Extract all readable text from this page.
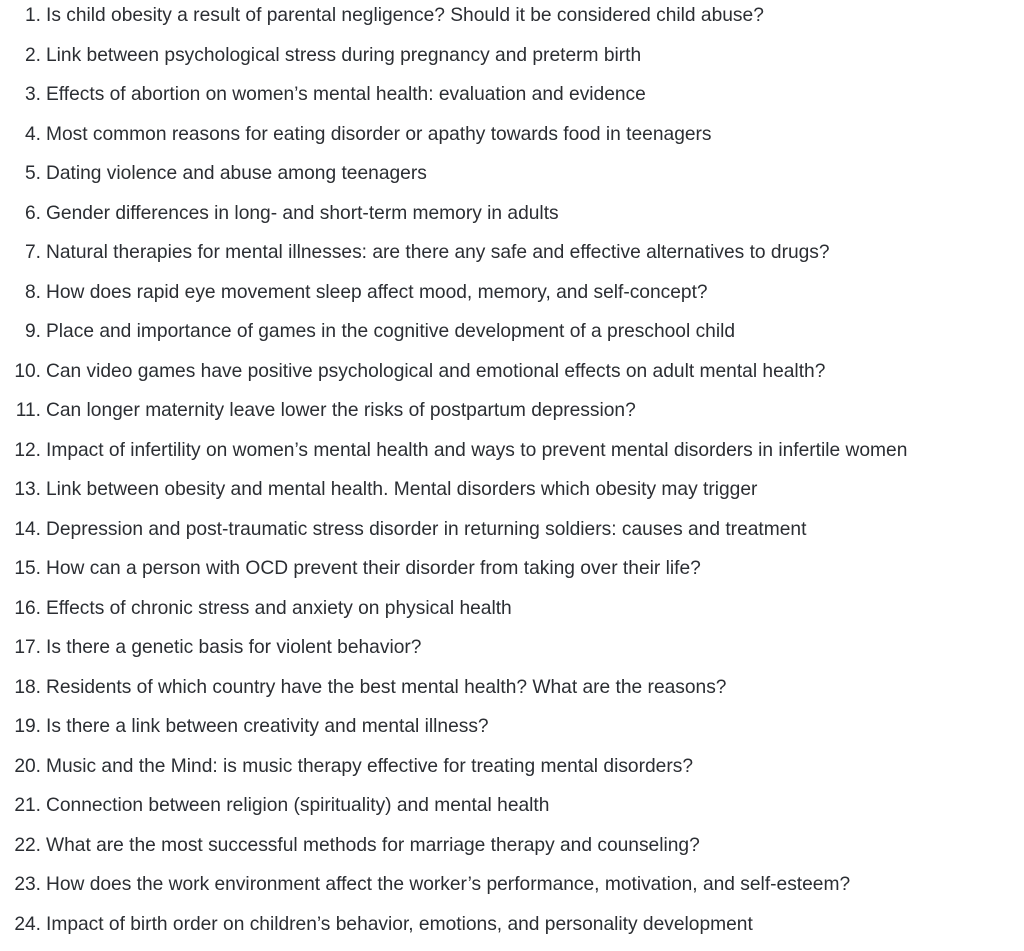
1. Is child obesity a result of parental negligence? Should it be considered child abuse?
2. Link between psychological stress during pregnancy and preterm birth
3. Effects of abortion on women’s mental health: evaluation and evidence
4. Most common reasons for eating disorder or apathy towards food in teenagers
5. Dating violence and abuse among teenagers
6. Gender differences in long- and short-term memory in adults
7. Natural therapies for mental illnesses: are there any safe and effective alternatives to drugs?
8. How does rapid eye movement sleep affect mood, memory, and self-concept?
9. Place and importance of games in the cognitive development of a preschool child
10. Can video games have positive psychological and emotional effects on adult mental health?
11. Can longer maternity leave lower the risks of postpartum depression?
12. Impact of infertility on women’s mental health and ways to prevent mental disorders in infertile women
13. Link between obesity and mental health. Mental disorders which obesity may trigger
14. Depression and post-traumatic stress disorder in returning soldiers: causes and treatment
15. How can a person with OCD prevent their disorder from taking over their life?
16. Effects of chronic stress and anxiety on physical health
17. Is there a genetic basis for violent behavior?
18. Residents of which country have the best mental health? What are the reasons?
19. Is there a link between creativity and mental illness?
20. Music and the Mind: is music therapy effective for treating mental disorders?
21. Connection between religion (spirituality) and mental health
22. What are the most successful methods for marriage therapy and counseling?
23. How does the work environment affect the worker’s performance, motivation, and self-esteem?
24. Impact of birth order on children’s behavior, emotions, and personality development
